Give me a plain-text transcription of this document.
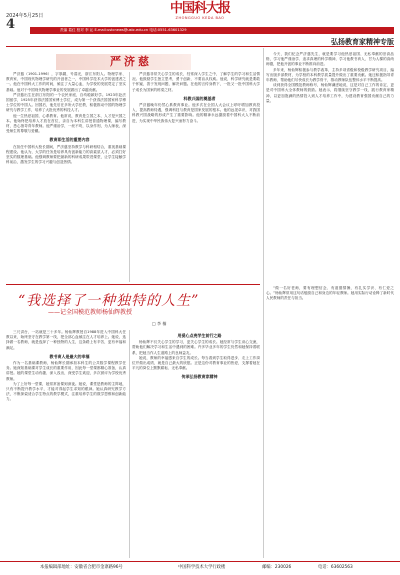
中国科大报
ZHONGGUO KEDA BAO
2024年5月25日
4	责编 葛红 校对 李 沁 E-mail:ustcnews@ustc.edu.cn 电话:0551-63601329
弘扬教育家精神专版
严济慈

严济慈（1901-1996），字厚嗣，号慕光，浙江东阳人。物理学家、教育家，中国现代物理学研究的开创者之一，中国科学技术大学的创建者之一。他在中国科大工作的时间，倾注了大量心血，为学校的发展奠定了坚实基础。他对于中国现代物理学事业的发展做出了卓越贡献。

严济慈出生在浙江东阳的一个农民家庭，自幼聪颖好学。1923年赴法国留学，1925年获得法国国家博士学位，成为第一个获得法国国家科学博士学位的中国人。回国后，他先后在多所大学任教，积极推动中国的物理学研究与教学工作，培养了大批优秀的科技人才。

他一生热爱祖国，心系教育。他常说，教育是立国之本，人才是兴国之本。他始终把培养人才放在首位，亲自为本科生讲授普通物理课，编写教材，悉心指导青年教师。他严谨治学，一丝不苟，以身作则，为人师表，深受师生的尊敬与爱戴。

教育即生活的重要内容

在担任中国科大校长期间，严济慈坚持教学与科研相结合，重视基础课程建设。他认为，大学的任务是培养具有创新能力的高素质人才，必须打好坚实的数理基础。他强调教师要把最新的科研成果带进课堂，让学生接触学科前沿，激发学生的学习兴趣与创造热情。

严济慈非常关心学生的成长，经常深入学生之中，了解学生的学习和生活情况。他鼓励学生独立思考，勇于创新，不要盲从权威。他说，科学研究就是要敢于怀疑，善于发现问题、解决问题。在他的言传身教下，一批又一批中国科大学子成长为国家的栋梁之材。

科教兴国的奠基者

严济慈晚年仍然心系教育事业。他多次在全国人大会议上呼吁增加教育投入，提高教师待遇，强调科技与教育是国家发展的根本。他的远见卓识，对我国科教兴国战略的形成产生了重要影响。他的精神永远激励着中国科大人不断前进，为实现中华民族伟大复兴而努力奋斗。

今天，我们纪念严济慈先生，就是要学习他热爱祖国、无私奉献的崇高品格，学习他严谨治学、追求真理的科学精神，学习他教书育人、甘为人梯的高尚师德，把他开创的事业不断推向前进。

多年来，杨仙辉积极参与教学改革，主持多项省级和校级教学研究项目，编写出版多部教材，为学校的本科教学质量提升做出了重要贡献。她还积极指导青年教师，帮助他们尽快成长为教学骨干，推动教师队伍整体水平不断提高。

谈到获得全国模范教师称号，杨仙辉谦虚地说，这是对自己工作的肯定，更是对中国科大全体教师的鼓励。她表示，将继续坚守教学一线，践行教育家精神，以更加饱满的热情投入到人才培养工作中，为建设教育强国贡献自己的力量。

“我选择了一种独特的人生”
——记全国模范教师杨仙辉教授
□ 李 楠

三尺讲台，一站就是三十多年。杨仙辉教授自1988年进入中国科大任教以来，始终坚守在教学第一线，把全部心血倾注在人才培养上。她说，选择做一名教师，就是选择了一种独特的人生，这条路上有辛苦，更有幸福和满足。

教书育人是最大的幸福

作为一名基础课教师，杨仙辉长期承担本科生的公共数学课程教学任务。她深知基础课对学生成长的重要作用，因此每一堂课都精心准备，认真讲授。她的课堂生动有趣、深入浅出，深受学生欢迎，多次被评为学校优秀教师。

为了上好每一堂课，她常常备课到深夜。她说，课堂是教师的主阵地，只有不断提升教学水平，才能对得起学生求知的眼神。她认真研究教学方法，不断探索适合学生特点的教学模式，注重培养学生的数学思维和创新能力。

用爱心点亮学生前行之路

杨仙辉不仅关心学生的学习，更关心学生的成长。她经常与学生谈心交流，帮助他们解决学习和生活中遇到的困难。许多毕业多年的学生仍然和她保持着联系，把她当作人生道路上的良师益友。

她说，教师的幸福感来自学生的成长。每当看到学生取得进步、走上工作岗位并做出成绩，就是自己最大的欣慰。正是这份对教育事业的热爱，支撑着她在平凡的岗位上默默耕耘、无私奉献。

传承弘扬教育家精神

“做一名好老师，要有理想信念、有道德情操、有扎实学识、有仁爱之心。”杨仙辉常用这句话勉励自己和身边的年轻教师。她用实际行动诠释了新时代人民教师的责任与担当。

本报编辑部地址：安徽省合肥市金寨路96号	中国科学技术大学行政楼	邮编：230026	电话：63602563
